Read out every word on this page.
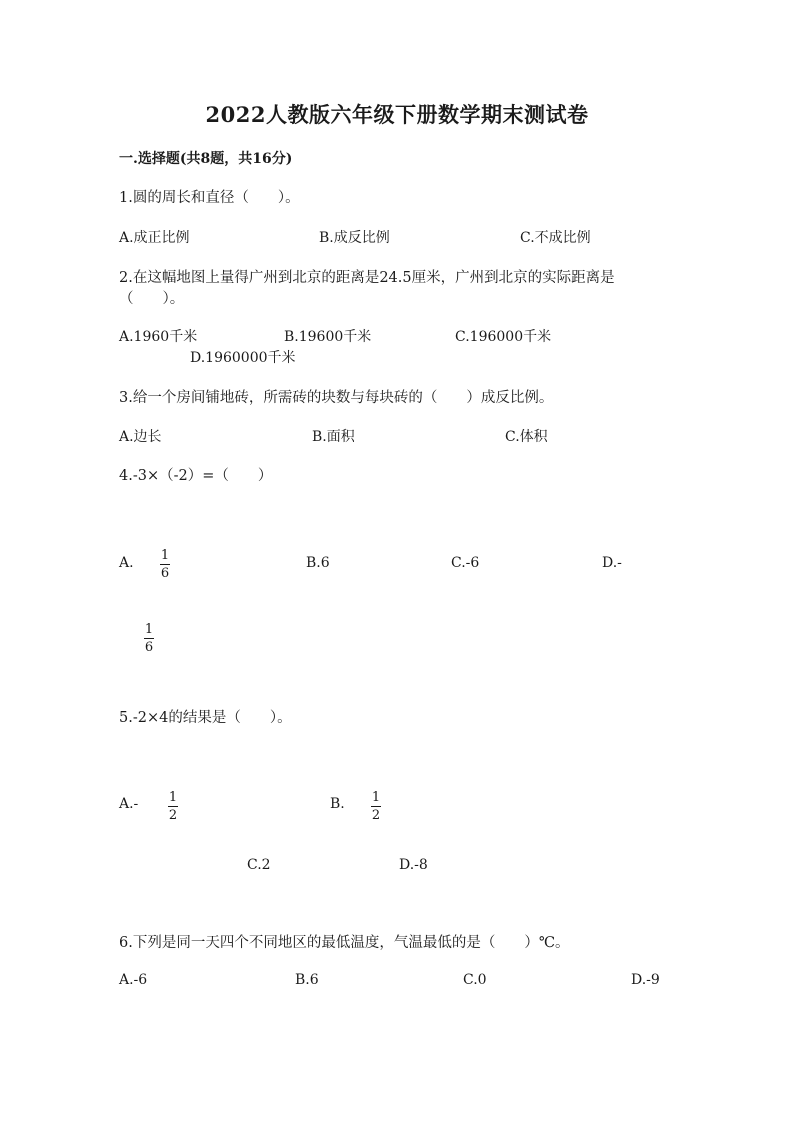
2022人教版六年级下册数学期末测试卷
一.选择题(共8题，共16分)
1.圆的周长和直径（　　）。
A.成正比例	B.成反比例	C.不成比例
2.在这幅地图上量得广州到北京的距离是24.5厘米，广州到北京的实际距离是
（　　）。
A.1960千米	B.19600千米	C.196000千米
D.1960000千米
3.给一个房间铺地砖，所需砖的块数与每块砖的（　　）成反比例。
A.边长	B.面积	C.体积
4.-3×（-2）=（　　）
A. 1
6
B.6	C.-6	D.-
1
6
5.-2×4的结果是（　　）。
A.- 1
2
B. 1
2
C.2	D.-8
6.下列是同一天四个不同地区的最低温度，气温最低的是（　　）℃。
A.-6	B.6	C.0	D.-9
